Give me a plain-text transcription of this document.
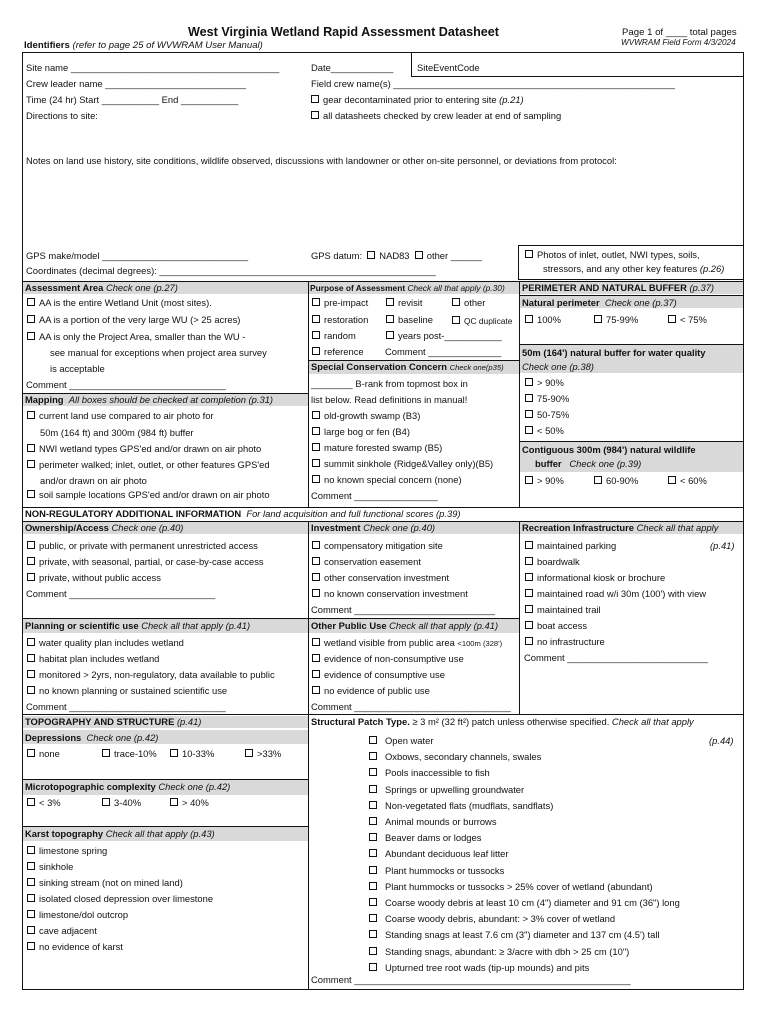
West Virginia Wetland Rapid Assessment Datasheet	Page 1 of ____ total pages
WVWRAM Field Form 4/3/2024
Identifiers (refer to page 25 of WVWRAM User Manual)
Site name ________________________________________	Date____________	SiteEventCode
Crew leader name ___________________________	Field crew name(s) ______________________________________________________
Time (24 hr) Start ___________ End ___________	gear decontaminated prior to entering site (p.21)
Directions to site:	all datasheets checked by crew leader at end of sampling
Notes on land use history, site conditions, wildlife observed, discussions with landowner or other on-site personnel, or deviations from protocol:
GPS make/model ____________________________	GPS datum: NAD83 other ______
Coordinates (decimal degrees): _____________________________________________________
Photos of inlet, outlet, NWI types, soils,
stressors, and any other key features (p.26)
Assessment Area Check one (p.27)
AA is the entire Wetland Unit (most sites).
AA is a portion of the very large WU (> 25 acres)
AA is only the Project Area, smaller than the WU -
see manual for exceptions when project area survey
is acceptable
Comment ______________________________
Mapping All boxes should be checked at completion (p.31)
current land use compared to air photo for
50m (164 ft) and 300m (984 ft) buffer
NWI wetland types GPS'ed and/or drawn on air photo
perimeter walked; inlet, outlet, or other features GPS'ed
and/or drawn on air photo
soil sample locations GPS'ed and/or drawn on air photo
Purpose of Assessment Check all that apply (p.30)
pre-impact	revisit	other
restoration	baseline	QC duplicate
random	years post-___________
reference Comment ______________
Special Conservation Concern Check one(p35)
________ B-rank from topmost box in
list below. Read definitions in manual!
old-growth swamp (B3)
large bog or fen (B4)
mature forested swamp (B5)
summit sinkhole (Ridge&Valley only)(B5)
no known special concern (none)
Comment ________________
PERIMETER AND NATURAL BUFFER (p.37)
Natural perimeter Check one (p.37)
100%	75-99%	< 75%
50m (164') natural buffer for water quality
Check one (p.38)
> 90%
75-90%
50-75%
< 50%
Contiguous 300m (984') natural wildlife
buffer Check one (p.39)
> 90%	60-90%	< 60%
NON-REGULATORY ADDITIONAL INFORMATION For land acquisition and full functional scores (p.39)
Ownership/Access Check one (p.40)
public, or private with permanent unrestricted access
private, with seasonal, partial, or case-by-case access
private, without public access
Comment ____________________________
Investment Check one (p.40)
compensatory mitigation site
conservation easement
other conservation investment
no known conservation investment
Comment ___________________________
Recreation Infrastructure Check all that apply
maintained parking	(p.41)
boardwalk
informational kiosk or brochure
maintained road w/i 30m (100') with view
maintained trail
boat access
no infrastructure
Comment ___________________________
Planning or scientific use Check all that apply (p.41)
water quality plan includes wetland
habitat plan includes wetland
monitored > 2yrs, non-regulatory, data available to public
no known planning or sustained scientific use
Comment ______________________________
Other Public Use Check all that apply (p.41)
wetland visible from public area <100m (328')
evidence of non-consumptive use
evidence of consumptive use
no evidence of public use
Comment ______________________________
TOPOGRAPHY AND STRUCTURE (p.41)
Depressions Check one (p.42)
none	trace-10%	10-33%	>33%
Microtopographic complexity Check one (p.42)
< 3%	3-40%	> 40%
Karst topography Check all that apply (p.43)
limestone spring
sinkhole
sinking stream (not on mined land)
isolated closed depression over limestone
limestone/dol outcrop
cave adjacent
no evidence of karst
Structural Patch Type. ≥ 3 m² (32 ft²) patch unless otherwise specified. Check all that apply
(p.44)
Open water
Oxbows, secondary channels, swales
Pools inaccessible to fish
Springs or upwelling groundwater
Non-vegetated flats (mudflats, sandflats)
Animal mounds or burrows
Beaver dams or lodges
Abundant deciduous leaf litter
Plant hummocks or tussocks
Plant hummocks or tussocks > 25% cover of wetland (abundant)
Coarse woody debris at least 10 cm (4") diameter and 91 cm (36") long
Coarse woody debris, abundant: > 3% cover of wetland
Standing snags at least 7.6 cm (3") diameter and 137 cm (4.5') tall
Standing snags, abundant: ≥ 3/acre with dbh > 25 cm (10")
Upturned tree root wads (tip-up mounds) and pits
Comment _____________________________________________________
